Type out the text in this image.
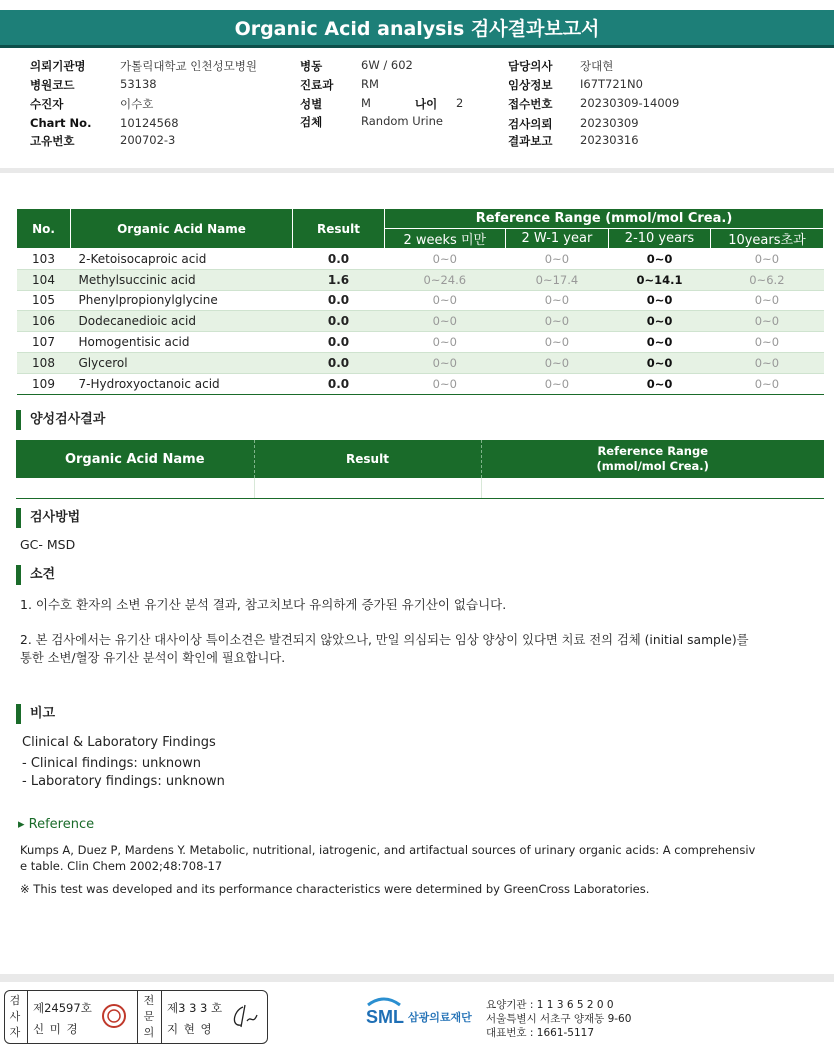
Organic Acid analysis 검사결과보고서
의뢰기관명	가톨릭대학교 인천성모병원
병원코드	53138
수진자	이수호
Chart No. 10124568
고유번호	200702-3
병동	6W / 602
진료과 RM
성별	M	나이 2
검체	Random Urine
담당의사 장대현
임상정보 I67T721N0
접수번호 20230309-14009
검사의뢰 20230309
결과보고 20230316
No.	Organic Acid Name	Result	Reference Range (mmol/mol Crea.)			
			2 weeks 미만	2 W-1 year	2-10 years	10years초과
103	2-Ketoisocaproic acid	0.0	0~0	0~0	0~0	0~0
104	Methylsuccinic acid	1.6	0~24.6	0~17.4	0~14.1	0~6.2
105	Phenylpropionylglycine	0.0	0~0	0~0	0~0	0~0
106	Dodecanedioic acid	0.0	0~0	0~0	0~0	0~0
107	Homogentisic acid	0.0	0~0	0~0	0~0	0~0
108	Glycerol	0.0	0~0	0~0	0~0	0~0
109	7-Hydroxyoctanoic acid	0.0	0~0	0~0	0~0	0~0
양성검사결과
Organic Acid Name	Result	Reference Range
(mmol/mol Crea.)

검사방법
GC- MSD
소견
1. 이수호 환자의 소변 유기산 분석 결과, 참고치보다 유의하게 증가된 유기산이 없습니다.
2. 본 검사에서는 유기산 대사이상 특이소견은 발견되지 않았으나, 만일 의심되는 임상 양상이 있다면 치료 전의 검체 (initial sample)를
통한 소변/혈장 유기산 분석이 확인에 필요합니다.
비고
Clinical & Laboratory Findings
- Clinical findings: unknown
- Laboratory findings: unknown
▸ Reference
Kumps A, Duez P, Mardens Y. Metabolic, nutritional, iatrogenic, and artifactual sources of urinary organic acids: A comprehensiv
e table. Clin Chem 2002;48:708-17
※ This test was developed and its performance characteristics were determined by GreenCross Laboratories.
검
사
자
제24597호
신 미 경
전
문
의
제3 3 3 호
지 현 영
SML 삼광의료재단
요양기관 : 1 1 3 6 5 2 0 0
서울특별시 서초구 양재동 9-60
대표번호 : 1661-5117
